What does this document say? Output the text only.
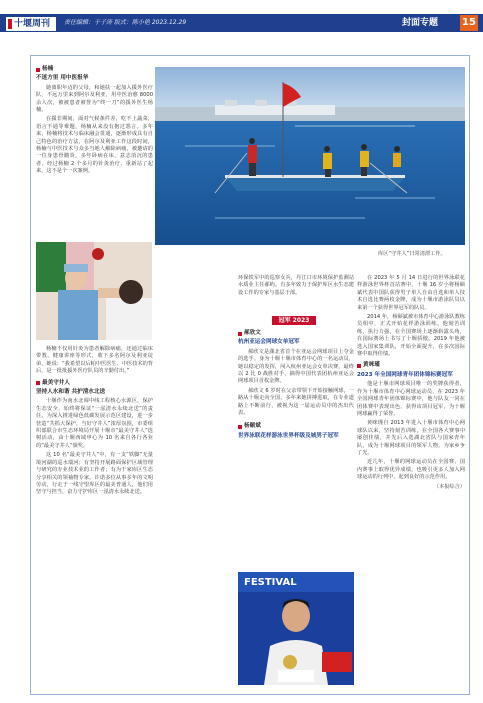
十堰周刊	责任编辑：于子涛 版式：陈小艳 2023.12.29	封面专题 15
库区“守井人”日常清漂工作。
杨楠
不迷方里 用中医报华
她离职年迈的父母，和她扶一起加入援外医疗队，不远万里来到阿尔及利亚，用中医治愈 8000 余人次，被被患者被誉为“终一刀”的援外医生杨楠。
在援非期间，面对气候条件差，吃不上蔬菜，语言不通等难题，杨楠从来没有抱过怨言。多年来，杨楠将技术与临床融会贯通，逐渐形成具有自己特色的治疗方法，在阿尔及利亚工作这段时间，杨楠与中医技术与众多当地人解除病痛，被邀请的一位身患骨髓炎，多年卧病在床，意志消沉的患者，经过杨楠 2 个多月的针灸治疗，重新站了起来，这不是个一次案例。
杨楠不仅用针灸为患者解除病痛，还通过临床带教、健康讲座等形式，收下多名阿尔及利亚徒弟，她说：“我希望以后帕中医医生、中医技术的背后，是一批批援外医疗队员的辛勤付出。”
最美守井人
坚持人水和谐 共护清水北送
十堰作为南水北调中线工程核心水源区，保护生态安全，始终将保证“一泓清水永续北送”的责任。为深入推进绿色低碳发展示范区建设，进一步营造“共抓大保护，当好守井人”浓厚氛围，市委组织部联合市生态环境局开展十堰市“最美守井人”选树活动，由十堰西域申心为 10 名来自各行各业的“最美守井人”颁奖。
这 10 名“最美守井人”中，有一支“铁脚”无量境河湖的巡水瑞河；有坚持开展路面保护区域管理与研究的专业技术业的工作者；有为干家库区生态分享相关的领袖物专家。许诺多位从事多年的文明劳动，行走于一线守望库区的最美普通人，他们用坚守与担当，奋力守护库区一泓清水永续北送。
环保铁军中的巡察女兵，丹江口市环境保护监测站水质业主任郝屿。有多年致力于保护库区水生态建设工作的专家与基层干部。
冠军 2023
郝欣文
杭州亚运会网球女单冠军
郝欣文是湖北省首个在亚运会网球项目上夺金的选手。身为十堰十堰市体育中心的一名运动员，她以稳定的发挥，闯入杭州亚运会女单决赛，最终以 2 比 0 战胜对手，摘得中国代表团杭州亚运会网球项目首枚金牌。
郝欣文 6 岁时在父亲带领下开始接触网球，一路从十堰走向全国，多年来她拼搏进取，在专业道路上不断前行，被视为这一届运动员中的杰出代表。
杨颐斌
世界泳联花样游泳世界杯级及城男子冠军
FESTIVAL
在 2023 年 5 月 14 日进行的世界泳联花样游泳世界杯首站赛中，十堰 16 岁小将杨颐斌代表中国队获得男子单人自由自选和单人技术自选比赛两枚金牌，成为十堰市游泳队员以来第一个获得世界冠军的队员。
2014 年，杨颐斌被市体育中心游泳队教练员相中，正式开始花样游泳训练。他刻苦训练，执行力强，在全国赛场上逐渐崭露头角，在国际赛场上书写了十堰骄傲。2019 年他被选入国家集训队，开始全面提升，在多次国际赛中取得佳绩。
黄咪瑾
2023 年全国网球青年团体锦标赛冠军
他是十堰市网球项目唯一的奖牌获得者，作为十堰市体育中心网球运动员，在 2023 年全国网球青年团体锦标赛中，他与队友一同在团体赛中表现出色，获得该项目冠军，为十堰网球赢得了荣誉。
黄咪瑾自 2013 年进入十堰市体育中心网球队以来，坚持刻苦训练，在全国各大赛事中屡创佳绩，并先后入选湖北省队与国家青年队，成为十堰网球项目的领军人物，为家乡争了光。
近几年，十堰的网球运动员在全国赛、国内赛事上取得优异成绩，也吸引更多人加入网球运动的行列中，起到良好的示范作用。
（本报综合）
